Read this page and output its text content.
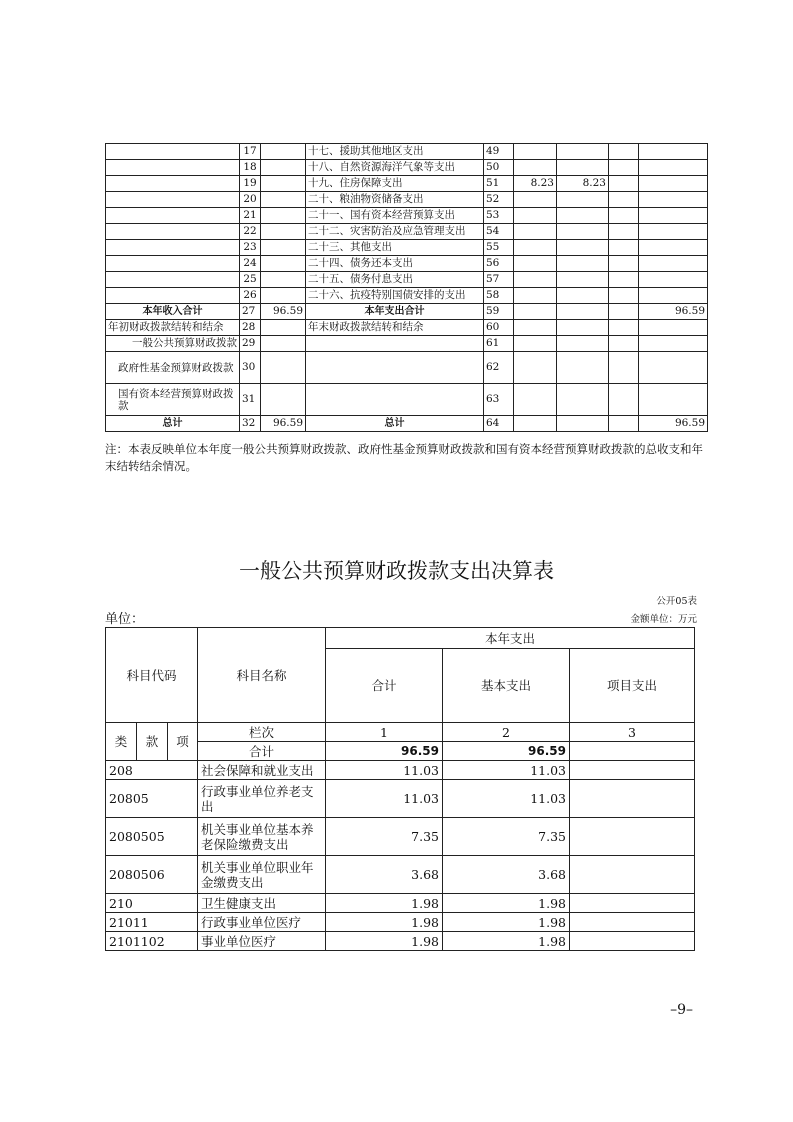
	17		十七、援助其他地区支出	49				
	18		十八、自然资源海洋气象等支出	50				
	19		十九、住房保障支出	51	8.23	8.23		
	20		二十、粮油物资储备支出	52				
	21		二十一、国有资本经营预算支出	53				
	22		二十二、灾害防治及应急管理支出	54				
	23		二十三、其他支出	55				
	24		二十四、债务还本支出	56				
	25		二十五、债务付息支出	57				
	26		二十六、抗疫特别国债安排的支出	58				
本年收入合计	27	96.59	本年支出合计	59				96.59
年初财政拨款结转和结余	28		年末财政拨款结转和结余	60				
一般公共预算财政拨款	29			61				
政府性基金预算财政拨款	30			62				
国有资本经营预算财政拨款	31			63				
总计	32	96.59	总计	64				96.59
注：本表反映单位本年度一般公共预算财政拨款、政府性基金预算财政拨款和国有资本经营预算财政拨款的总收支和年末结转结余情况。
一般公共预算财政拨款支出决算表
公开05表
单位：	金额单位：万元
科目代码			科目名称	本年支出		
				合计	基本支出	项目支出

类	款	项	栏次	1	2	3
			合计	96.59	96.59	
208			社会保障和就业支出	11.03	11.03	
20805			行政事业单位养老支出	11.03	11.03	
2080505			机关事业单位基本养老保险缴费支出	7.35	7.35	
2080506			机关事业单位职业年金缴费支出	3.68	3.68	
210			卫生健康支出	1.98	1.98	
21011			行政事业单位医疗	1.98	1.98	
2101102			事业单位医疗	1.98	1.98	
–9–
